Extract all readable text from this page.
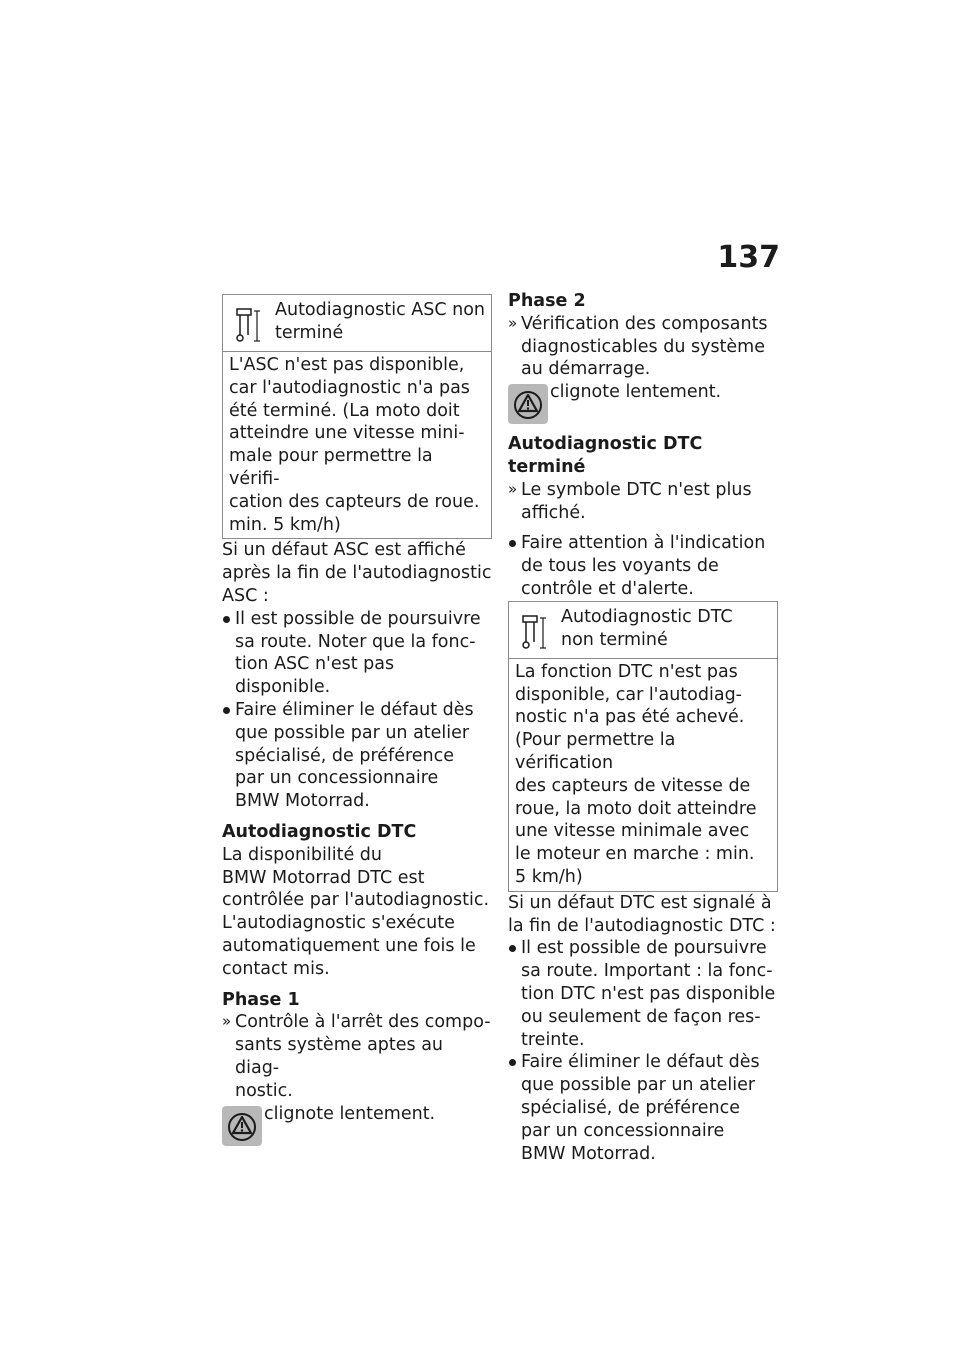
137
Autodiagnostic ASC non terminé
L'ASC n'est pas disponible,
car l'autodiagnostic n'a pas
été terminé. (La moto doit
atteindre une vitesse mini-
male pour permettre la vérifi-
cation des capteurs de roue.
min. 5 km/h)
Si un défaut ASC est affiché
après la fin de l'autodiagnostic
ASC :
Il est possible de poursuivre
sa route. Noter que la fonc-
tion ASC n'est pas disponible.
Faire éliminer le défaut dès
que possible par un atelier
spécialisé, de préférence
par un concessionnaire
BMW Motorrad.
Autodiagnostic DTC
La disponibilité du
BMW Motorrad DTC est
contrôlée par l'autodiagnostic.
L'autodiagnostic s'exécute
automatiquement une fois le
contact mis.
Phase 1
» Contrôle à l'arrêt des compo-
sants système aptes au diag-
nostic.
clignote lentement.
Phase 2
» Vérification des composants
diagnosticables du système
au démarrage.
clignote lentement.
Autodiagnostic DTC terminé
» Le symbole DTC n'est plus
affiché.
Faire attention à l'indication
de tous les voyants de
contrôle et d'alerte.
Autodiagnostic DTC non terminé
La fonction DTC n'est pas
disponible, car l'autodiag-
nostic n'a pas été achevé.
(Pour permettre la vérification
des capteurs de vitesse de
roue, la moto doit atteindre
une vitesse minimale avec
le moteur en marche : min.
5 km/h)
Si un défaut DTC est signalé à
la fin de l'autodiagnostic DTC :
Il est possible de poursuivre
sa route. Important : la fonc-
tion DTC n'est pas disponible
ou seulement de façon res-
treinte.
Faire éliminer le défaut dès
que possible par un atelier
spécialisé, de préférence
par un concessionnaire
BMW Motorrad.
